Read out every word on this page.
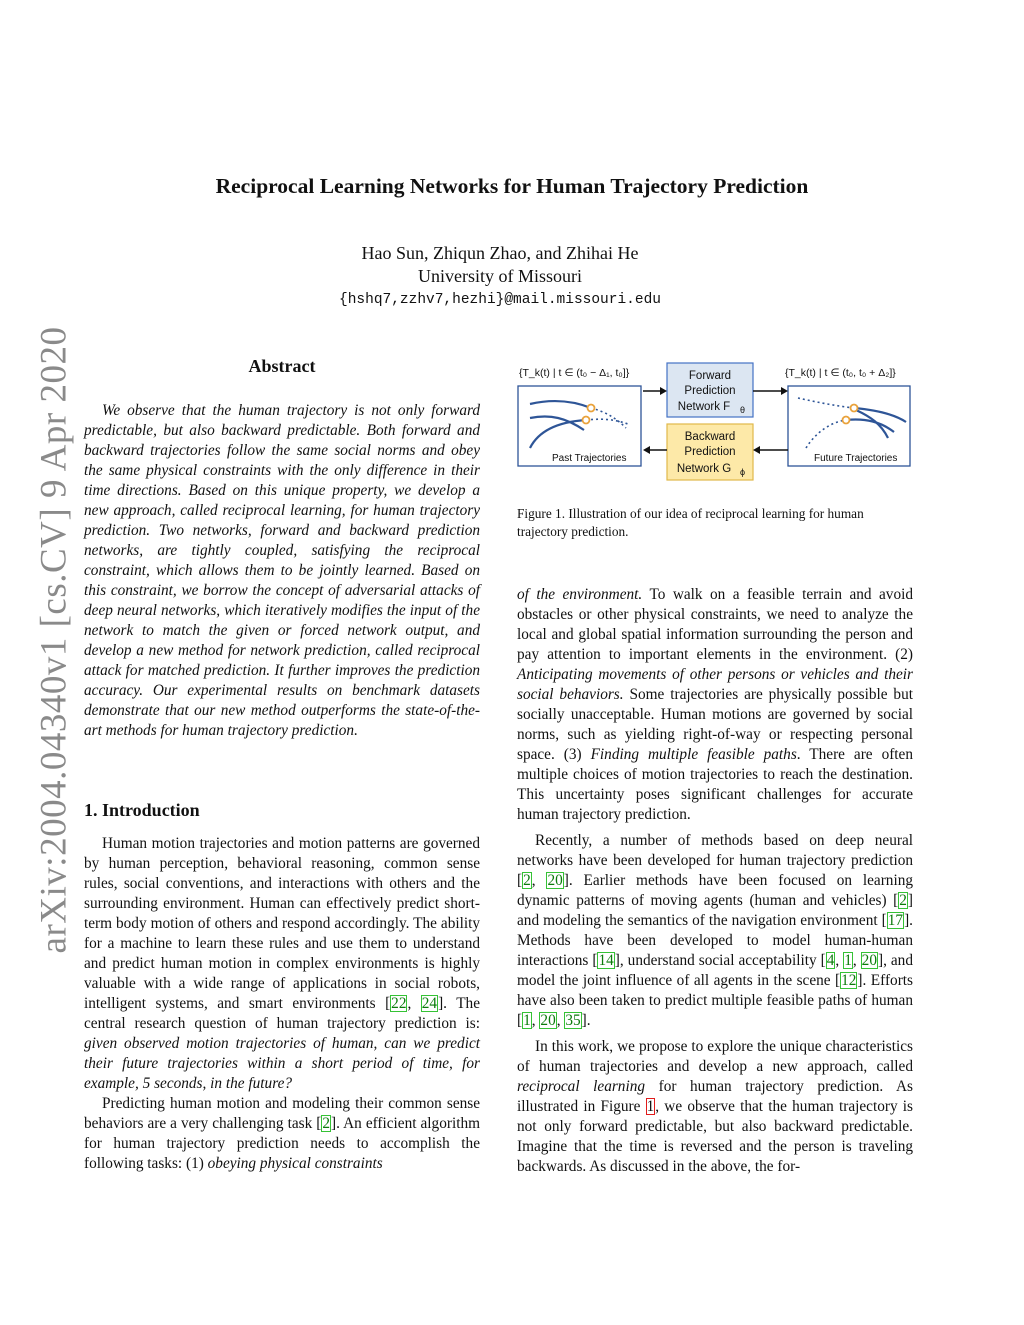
arXiv:2004.04340v1 [cs.CV] 9 Apr 2020
Reciprocal Learning Networks for Human Trajectory Prediction
Hao Sun, Zhiqun Zhao, and Zhihai He
University of Missouri
{hshq7,zzhv7,hezhi}@mail.missouri.edu
Abstract

We observe that the human trajectory is not only forward predictable, but also backward predictable. Both forward and backward trajectories follow the same social norms and obey the same physical constraints with the only difference in their time directions. Based on this unique property, we develop a new approach, called reciprocal learning, for human trajectory prediction. Two networks, forward and backward prediction networks, are tightly coupled, satisfying the reciprocal constraint, which allows them to be jointly learned. Based on this constraint, we borrow the concept of adversarial attacks of deep neural networks, which iteratively modifies the input of the network to match the given or forced network output, and develop a new method for network prediction, called reciprocal attack for matched prediction. It further improves the prediction accuracy. Our experimental results on benchmark datasets demonstrate that our new method outperforms the state-of-the-art methods for human trajectory prediction.

1. Introduction

Human motion trajectories and motion patterns are governed by human perception, behavioral reasoning, common sense rules, social conventions, and interactions with others and the surrounding environment. Human can effectively predict short-term body motion of others and respond accordingly. The ability for a machine to learn these rules and use them to understand and predict human motion in complex environments is highly valuable with a wide range of applications in social robots, intelligent systems, and smart environments [22, 24]. The central research question of human trajectory prediction is: given observed motion trajectories of human, can we predict their future trajectories within a short period of time, for example, 5 seconds, in the future?

Predicting human motion and modeling their common sense behaviors are a very challenging task [2]. An efficient algorithm for human trajectory prediction needs to accomplish the following tasks: (1) obeying physical constraints

{T_k(t) | t ∈ (t₀ − Δ₁, t₀]}	{T_k(t) | t ∈ (t₀, t₀ + Δ₂]}
Past Trajectories	Future Trajectories
Forward
Prediction
Network F θ
Backward
Prediction
Network G ϕ
Figure 1. Illustration of our idea of reciprocal learning for human trajectory prediction.

of the environment. To walk on a feasible terrain and avoid obstacles or other physical constraints, we need to analyze the local and global spatial information surrounding the person and pay attention to important elements in the environment. (2) Anticipating movements of other persons or vehicles and their social behaviors. Some trajectories are physically possible but socially unacceptable. Human motions are governed by social norms, such as yielding right-of-way or respecting personal space. (3) Finding multiple feasible paths. There are often multiple choices of motion trajectories to reach the destination. This uncertainty poses significant challenges for accurate human trajectory prediction.

Recently, a number of methods based on deep neural networks have been developed for human trajectory prediction [2, 20]. Earlier methods have been focused on learning dynamic patterns of moving agents (human and vehicles) [2] and modeling the semantics of the navigation environment [17]. Methods have been developed to model human-human interactions [14], understand social acceptability [4, 1, 20], and model the joint influence of all agents in the scene [12]. Efforts have also been taken to predict multiple feasible paths of human [1, 20, 35].

In this work, we propose to explore the unique characteristics of human trajectories and develop a new approach, called reciprocal learning for human trajectory prediction. As illustrated in Figure 1, we observe that the human trajectory is not only forward predictable, but also backward predictable. Imagine that the time is reversed and the person is traveling backwards. As discussed in the above, the for-
